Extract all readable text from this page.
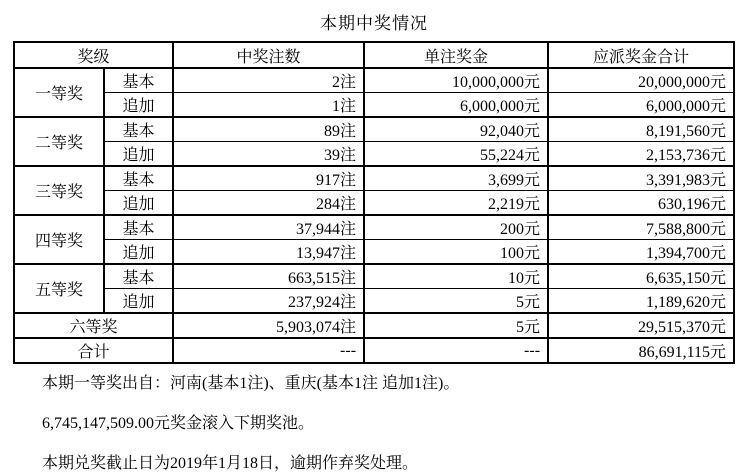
本期中奖情况
奖级		中奖注数	单注奖金	应派奖金合计
一等奖	基本	2注	10,000,000元	20,000,000元
	追加	1注	6,000,000元	6,000,000元
二等奖	基本	89注	92,040元	8,191,560元
	追加	39注	55,224元	2,153,736元
三等奖	基本	917注	3,699元	3,391,983元
	追加	284注	2,219元	630,196元
四等奖	基本	37,944注	200元	7,588,800元
	追加	13,947注	100元	1,394,700元
五等奖	基本	663,515注	10元	6,635,150元
	追加	237,924注	5元	1,189,620元
六等奖		5,903,074注	5元	29,515,370元
合计		---	---	86,691,115元

本期一等奖出自：河南(基本1注)、重庆(基本1注 追加1注)。

6,745,147,509.00元奖金滚入下期奖池。

本期兑奖截止日为2019年1月18日，逾期作弃奖处理。
